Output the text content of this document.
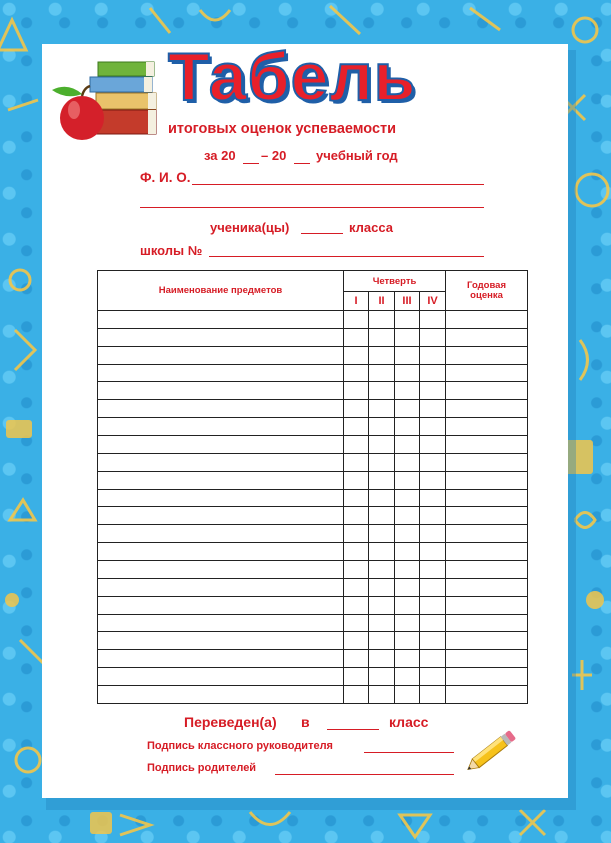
Табель
итоговых оценок успеваемости
за 20 – 20 учебный год
Ф. И. О.
ученика(цы)	класса
школы №
Наименование предметов	Четверть				Годовая оценка
	I	II	III	IV	

Переведен(а) в	класс
Подпись классного руководителя
Подпись родителей
